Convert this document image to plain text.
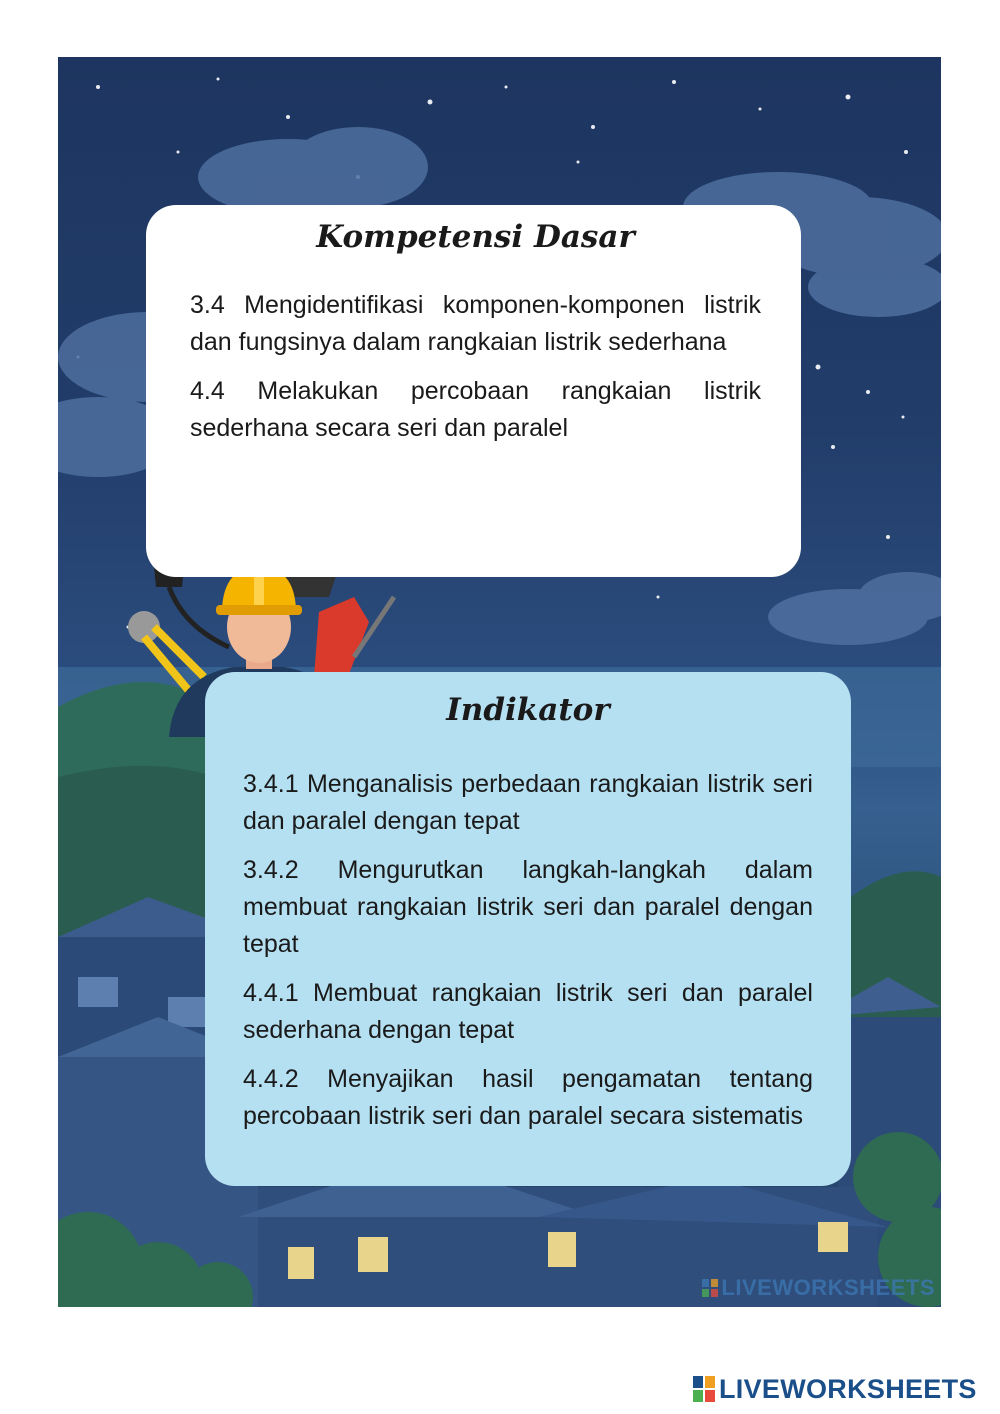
LIVEWORKSHEETS
Kompetensi Dasar

3.4 Mengidentifikasi komponen-komponen listrik dan fungsinya dalam rangkaian listrik sederhana

4.4 Melakukan percobaan rangkaian listrik sederhana secara seri dan paralel

Indikator

3.4.1 Menganalisis perbedaan rangkaian listrik seri dan paralel dengan tepat

3.4.2 Mengurutkan langkah-langkah dalam membuat rangkaian listrik seri dan paralel dengan tepat

4.4.1 Membuat rangkaian listrik seri dan paralel sederhana dengan tepat

4.4.2 Menyajikan hasil pengamatan tentang percobaan listrik seri dan paralel secara sistematis

LIVEWORKSHEETS
